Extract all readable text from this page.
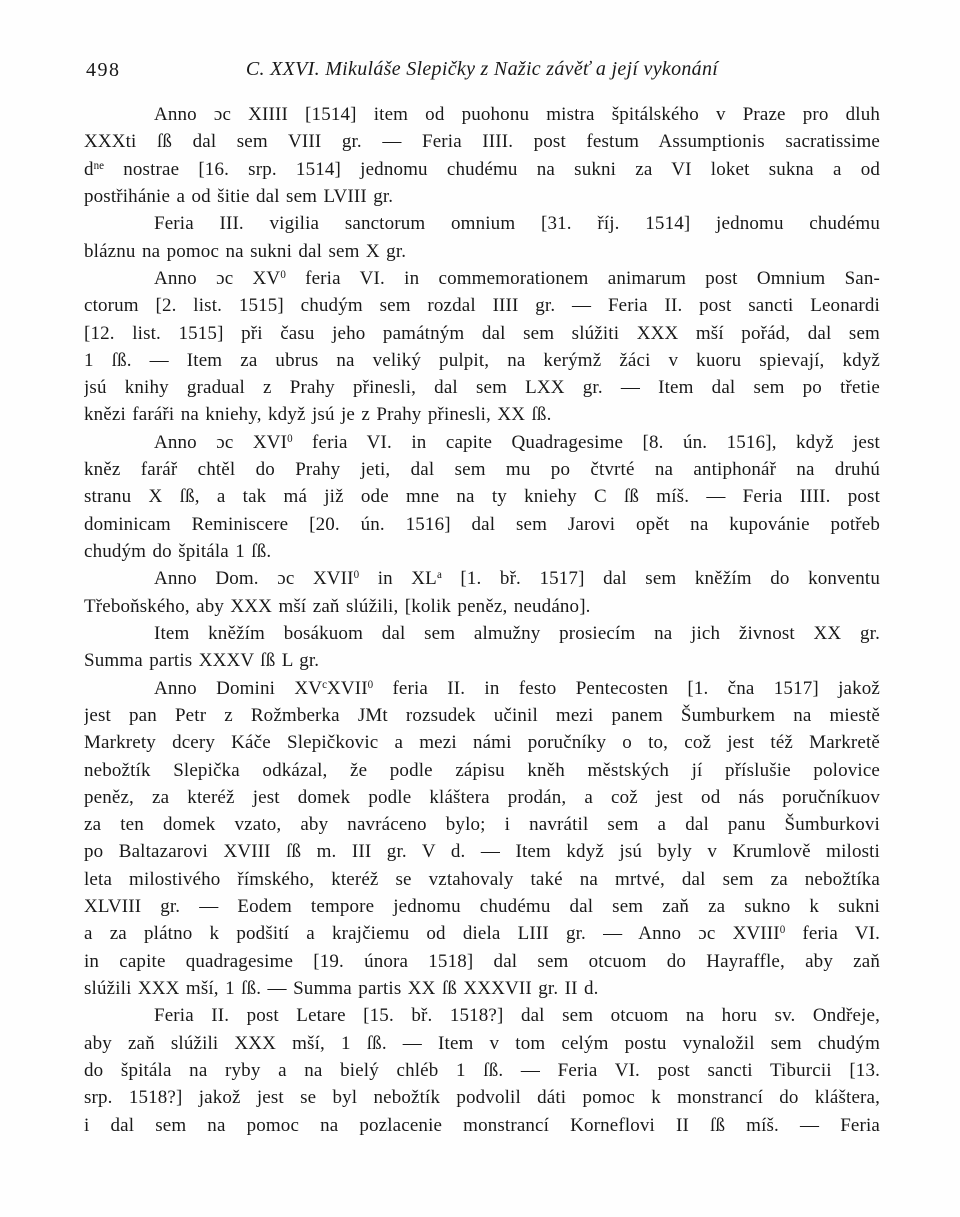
498	C. XXVI. Mikuláše Slepičky z Nažic závěť a její vykonání
Anno ɔc XIIII [1514] item od puohonu mistra špitálského v Praze pro dluh
XXXti ſß dal sem VIII gr. — Feria IIII. post festum Assumptionis sacratissime
$d^{ne}$ nostrae [16. srp. 1514] jednomu chudému na sukni za VI loket sukna a od
postřihánie a od šitie dal sem LVIII gr.
Feria III. vigilia sanctorum omnium [31. říj. 1514] jednomu chudému
bláznu na pomoc na sukni dal sem X gr.
Anno ɔc $XV^0$ feria VI. in commemorationem animarum post Omnium San-
ctorum [2. list. 1515] chudým sem rozdal IIII gr. — Feria II. post sancti Leonardi
[12. list. 1515] při času jeho památným dal sem slúžiti XXX mší pořád, dal sem
1 ſß. — Item za ubrus na veliký pulpit, na kerýmž žáci v kuoru spievají, když
jsú knihy gradual z Prahy přinesli, dal sem LXX gr. — Item dal sem po třetie
knězi faráři na kniehy, když jsú je z Prahy přinesli, XX ſß.
Anno ɔc XVI$^0$ feria VI. in capite Quadragesime [8. ún. 1516], když jest
kněz farář chtěl do Prahy jeti, dal sem mu po čtvrté na antiphonář na druhú
stranu X ſß, a tak má již ode mne na ty kniehy C ſß míš. — Feria IIII. post
dominicam Reminiscere [20. ún. 1516] dal sem Jarovi opět na kupovánie potřeb
chudým do špitála 1 ſß.
Anno Dom. ɔc XVII$^0$ in $XL^a$ [1. bř. 1517] dal sem kněžím do konventu
Třeboňského, aby XXX mší zaň slúžili, [kolik peněz, neudáno].
Item kněžím bosákuom dal sem almužny prosiecím na jich živnost XX gr.
Summa partis XXXV ſß L gr.
Anno Domini $XV^cXVII^0$ feria II. in festo Pentecosten [1. čna 1517] jakož
jest pan Petr z Rožmberka JMt rozsudek učinil mezi panem Šumburkem na miestě
Markrety dcery Káče Slepičkovic a mezi námi poručníky o to, což jest též Markretě
nebožtík Slepička odkázal, že podle zápisu kněh městských jí příslušie polovice
peněz, za kteréž jest domek podle kláštera prodán, a což jest od nás poručníkuov
za ten domek vzato, aby navráceno bylo; i navrátil sem a dal panu Šumburkovi
po Baltazarovi XVIII ſß m. III gr. V d. — Item když jsú byly v Krumlově milosti
leta milostivého římského, kteréž se vztahovaly také na mrtvé, dal sem za nebožtíka
XLVIII gr. — Eodem tempore jednomu chudému dal sem zaň za sukno k sukni
a za plátno k podšití a krajčiemu od diela LIII gr. — Anno ɔc XVIII$^0$ feria VI.
in capite quadragesime [19. února 1518] dal sem otcuom do Hayraffle, aby zaň
slúžili XXX mší, 1 ſß. — Summa partis XX ſß XXXVII gr. II d.
Feria II. post Letare [15. bř. 1518?] dal sem otcuom na horu sv. Ondřeje,
aby zaň slúžili XXX mší, 1 ſß. — Item v tom celým postu vynaložil sem chudým
do špitála na ryby a na bielý chléb 1 ſß. — Feria VI. post sancti Tiburcii [13.
srp. 1518?] jakož jest se byl nebožtík podvolil dáti pomoc k monstrancí do kláštera,
i dal sem na pomoc na pozlacenie monstrancí Korneflovi II ſß míš. — Feria
